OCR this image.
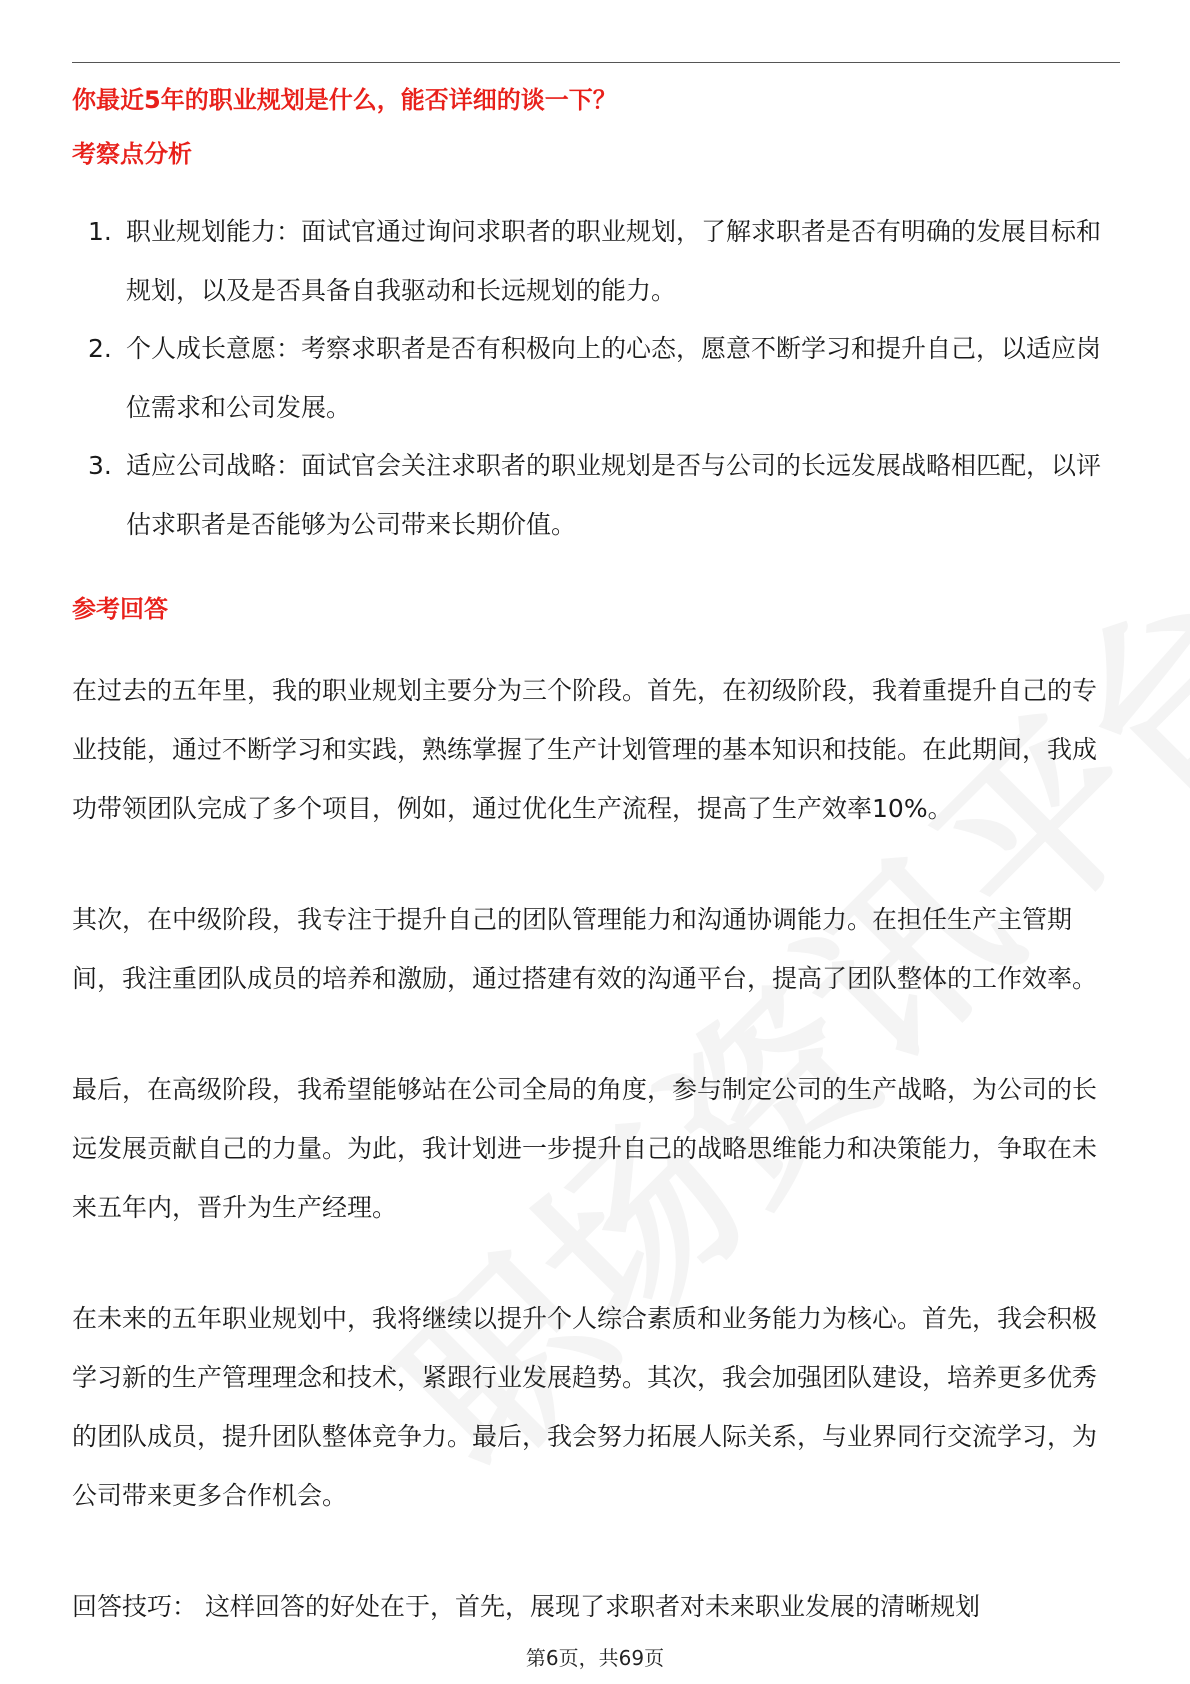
你最近5年的职业规划是什么，能否详细的谈一下？

考察点分析

1. 职业规划能力：面试官通过询问求职者的职业规划，了解求职者是否有明确的发展目标和规划，以及是否具备自我驱动和长远规划的能力。
2. 个人成长意愿：考察求职者是否有积极向上的心态，愿意不断学习和提升自己，以适应岗位需求和公司发展。
3. 适应公司战略：面试官会关注求职者的职业规划是否与公司的长远发展战略相匹配，以评估求职者是否能够为公司带来长期价值。

参考回答

在过去的五年里，我的职业规划主要分为三个阶段。首先，在初级阶段，我着重提升自己的专业技能，通过不断学习和实践，熟练掌握了生产计划管理的基本知识和技能。在此期间，我成功带领团队完成了多个项目，例如，通过优化生产流程，提高了生产效率10%。

其次，在中级阶段，我专注于提升自己的团队管理能力和沟通协调能力。在担任生产主管期间，我注重团队成员的培养和激励，通过搭建有效的沟通平台，提高了团队整体的工作效率。

最后，在高级阶段，我希望能够站在公司全局的角度，参与制定公司的生产战略，为公司的长远发展贡献自己的力量。为此，我计划进一步提升自己的战略思维能力和决策能力，争取在未来五年内，晋升为生产经理。

在未来的五年职业规划中，我将继续以提升个人综合素质和业务能力为核心。首先，我会积极学习新的生产管理理念和技术，紧跟行业发展趋势。其次，我会加强团队建设，培养更多优秀的团队成员，提升团队整体竞争力。最后，我会努力拓展人际关系，与业界同行交流学习，为公司带来更多合作机会。

回答技巧： 这样回答的好处在于，首先，展现了求职者对未来职业发展的清晰规划

第6页，共69页
